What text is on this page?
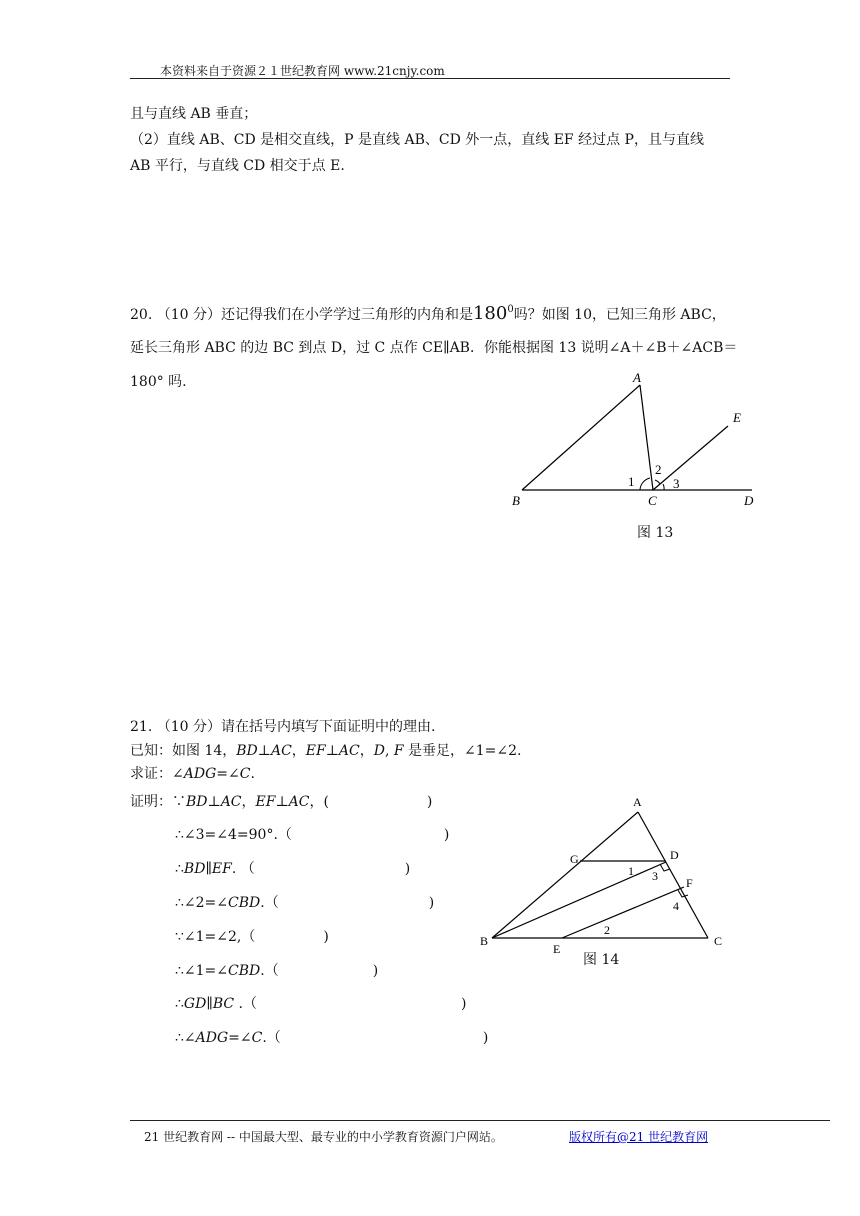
本资料来自于资源２１世纪教育网 www.21cnjy.com
且与直线 AB 垂直；
（2）直线 AB、CD 是相交直线，P 是直线 AB、CD 外一点，直线 EF 经过点 P，且与直线
AB 平行，与直线 CD 相交于点 E.
20. （10 分）还记得我们在小学学过三角形的内角和是$180^0$吗？如图 10，已知三角形 ABC，
延长三角形 ABC 的边 BC 到点 D，过 C 点作 CE∥AB．你能根据图 13 说明∠A＋∠B＋∠ACB＝
180° 吗.	A
B	C	D
E
1
2
3
图 13
21. （10 分）请在括号内填写下面证明中的理由.
已知：如图 14，BD⊥AC，EF⊥AC，D, F 是垂足，∠1=∠2.
求证：∠ADG=∠C.
证明：∵BD⊥AC，EF⊥AC，(	)
∴∠3=∠4=90°.（	)
∴BD∥EF. （	)
∴∠2=∠CBD.（	)
∵∠1=∠2,（	)
∴∠1=∠CBD.（	)
∴GD∥BC .（	)
∴∠ADG=∠C.（	)
A
B	C
D
E
F
G
1
2
3
4
图 14
21 世纪教育网 -- 中国最大型、最专业的中小学教育资源门户网站。	版权所有@21 世纪教育网
